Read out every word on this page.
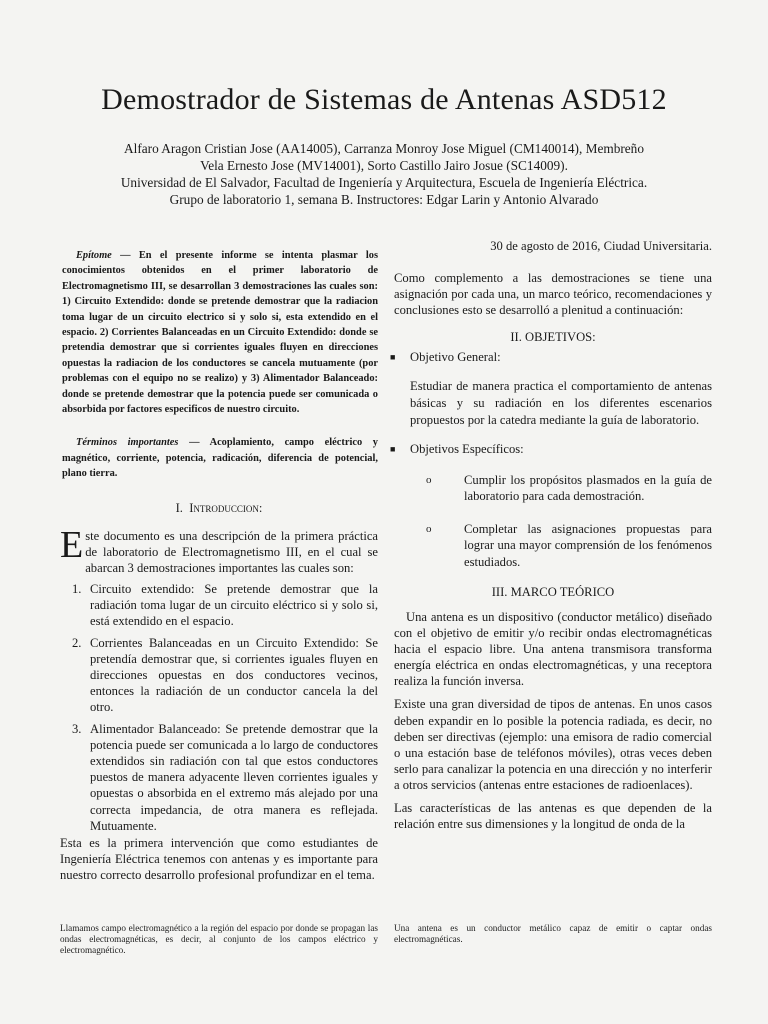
Demostrador de Sistemas de Antenas ASD512
Alfaro Aragon Cristian Jose (AA14005), Carranza Monroy Jose Miguel (CM140014), Membreño
Vela Ernesto Jose (MV14001), Sorto Castillo Jairo Josue (SC14009).
Universidad de El Salvador, Facultad de Ingeniería y Arquitectura, Escuela de Ingeniería Eléctrica.
Grupo de laboratorio 1, semana B. Instructores: Edgar Larin y Antonio Alvarado
30 de agosto de 2016, Ciudad Universitaria.
Epítome — En el presente informe se intenta plasmar los conocimientos obtenidos en el primer laboratorio de Electromagnetismo III, se desarrollan 3 demostraciones las cuales son: 1) Circuito Extendido: donde se pretende demostrar que la radiacion toma lugar de un circuito electrico si y solo si, esta extendido en el espacio. 2) Corrientes Balanceadas en un Circuito Extendido: donde se pretendia demostrar que si corrientes iguales fluyen en direcciones opuestas la radiacion de los conductores se cancela mutuamente (por problemas con el equipo no se realizo) y 3) Alimentador Balanceado: donde se pretende demostrar que la potencia puede ser comunicada o absorbida por factores especificos de nuestro circuito.
Términos importantes — Acoplamiento, campo eléctrico y magnético, corriente, potencia, radicación, diferencia de potencial, plano tierra.
I. Introduccion:
Este documento es una descripción de la primera práctica de laboratorio de Electromagnetismo III, en el cual se abarcan 3 demostraciones importantes las cuales son:
1. Circuito extendido: Se pretende demostrar que la radiación toma lugar de un circuito eléctrico si y solo si, está extendido en el espacio.
2. Corrientes Balanceadas en un Circuito Extendido: Se pretendía demostrar que, si corrientes iguales fluyen en direcciones opuestas en dos conductores vecinos, entonces la radiación de un conductor cancela la del otro.
3. Alimentador Balanceado: Se pretende demostrar que la potencia puede ser comunicada a lo largo de conductores extendidos sin radiación con tal que estos conductores puestos de manera adyacente lleven corrientes iguales y opuestas o absorbida en el extremo más alejado por una correcta impedancia, de otra manera es reflejada. Mutuamente.
Esta es la primera intervención que como estudiantes de Ingeniería Eléctrica tenemos con antenas y es importante para nuestro correcto desarrollo profesional profundizar en el tema.
Como complemento a las demostraciones se tiene una asignación por cada una, un marco teórico, recomendaciones y conclusiones esto se desarrolló a plenitud a continuación:
II. OBJETIVOS:
■ Objetivo General:
Estudiar de manera practica el comportamiento de antenas básicas y su radiación en los diferentes escenarios propuestos por la catedra mediante la guía de laboratorio.
■ Objetivos Específicos:
o	Cumplir los propósitos plasmados en la guía de laboratorio para cada demostración.
o	Completar las asignaciones propuestas para lograr una mayor comprensión de los fenómenos estudiados.
III. MARCO TEÓRICO
Una antena es un dispositivo (conductor metálico) diseñado con el objetivo de emitir y/o recibir ondas electromagnéticas hacia el espacio libre. Una antena transmisora transforma energía eléctrica en ondas electromagnéticas, y una receptora realiza la función inversa.
Existe una gran diversidad de tipos de antenas. En unos casos deben expandir en lo posible la potencia radiada, es decir, no deben ser directivas (ejemplo: una emisora de radio comercial o una estación base de teléfonos móviles), otras veces deben serlo para canalizar la potencia en una dirección y no interferir a otros servicios (antenas entre estaciones de radioenlaces).
Las características de las antenas es que dependen de la relación entre sus dimensiones y la longitud de onda de la
Llamamos campo electromagnético a la región del espacio por donde se propagan las ondas electromagnéticas, es decir, al conjunto de los campos eléctrico y electromagnético.
Una antena es un conductor metálico capaz de emitir o captar ondas electromagnéticas.
